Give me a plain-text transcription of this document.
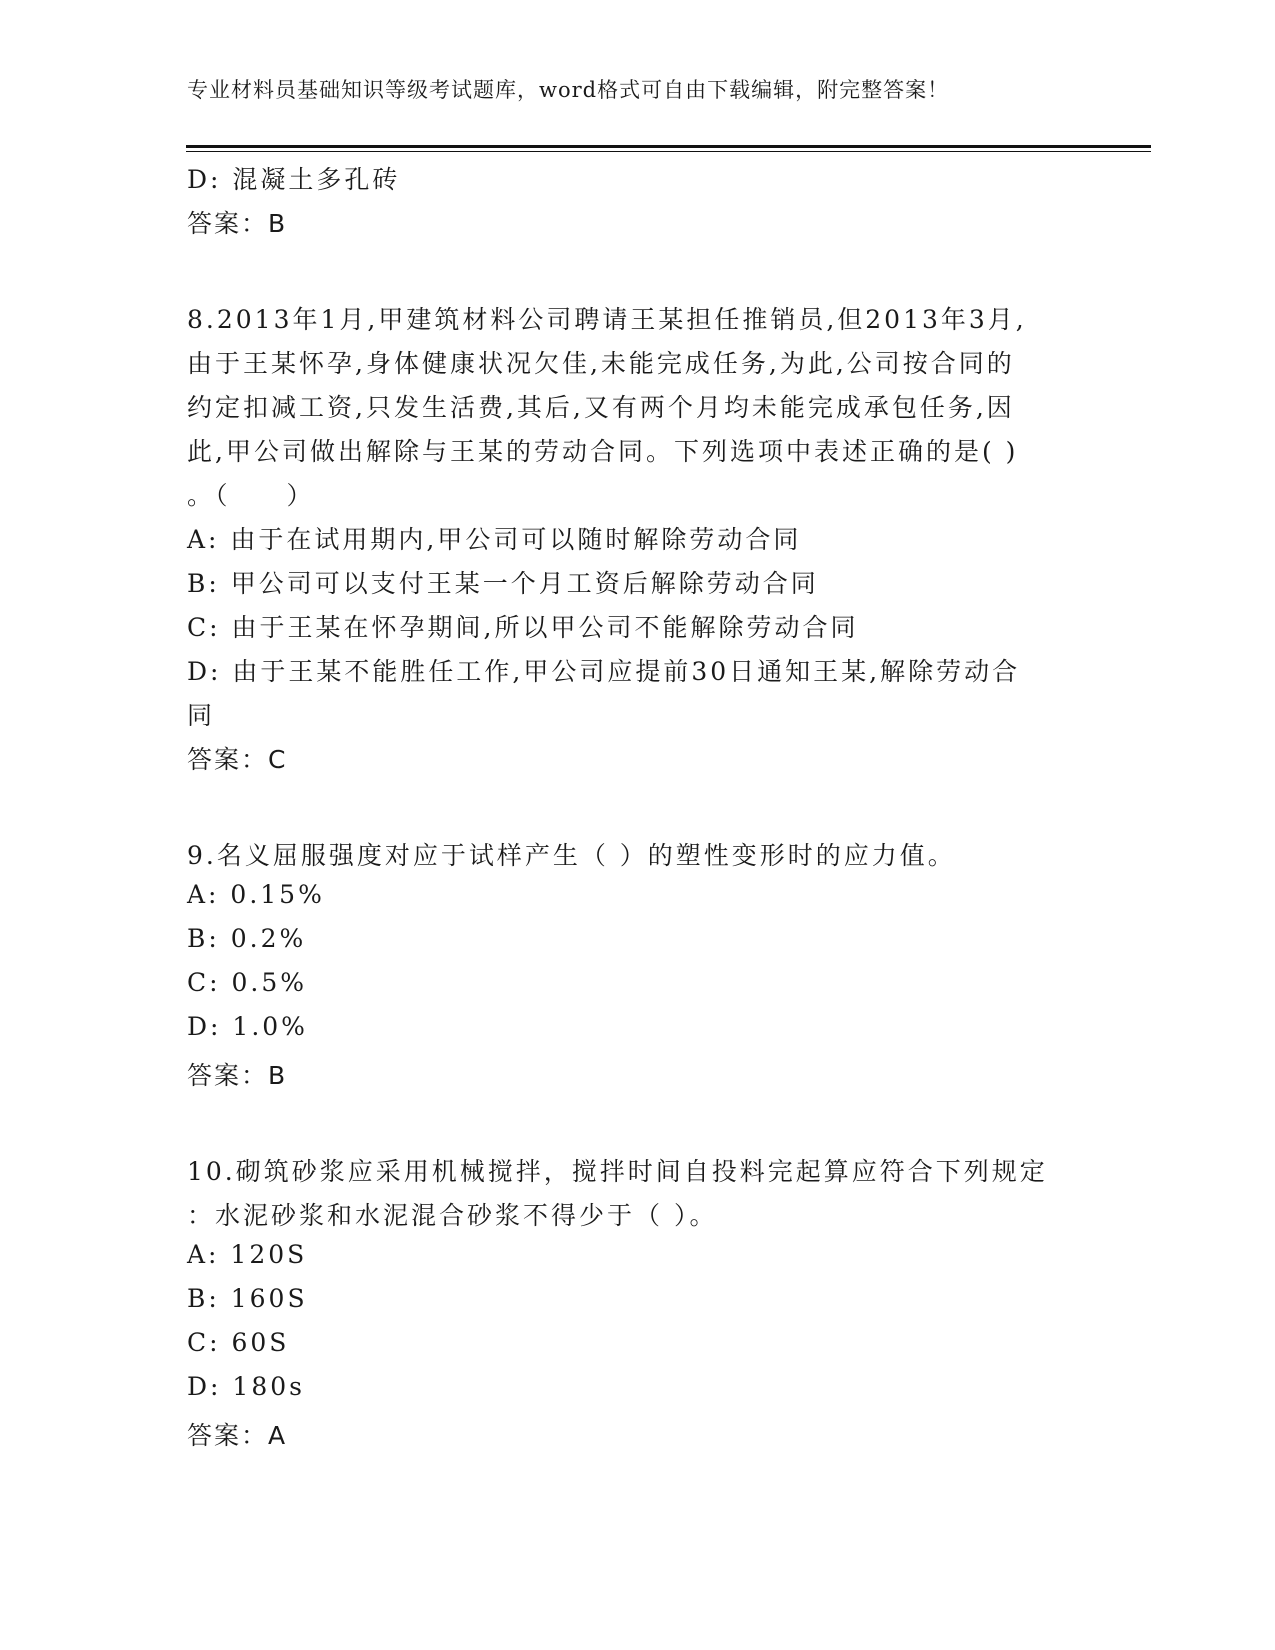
专业材料员基础知识等级考试题库，word格式可自由下载编辑，附完整答案！
D: 混凝土多孔砖
答案：B
8.2013年1月,甲建筑材料公司聘请王某担任推销员,但2013年3月,
由于王某怀孕,身体健康状况欠佳,未能完成任务,为此,公司按合同的
约定扣减工资,只发生活费,其后,又有两个月均未能完成承包任务,因
此,甲公司做出解除与王某的劳动合同。下列选项中表述正确的是( )
。（　　）
A: 由于在试用期内,甲公司可以随时解除劳动合同
B: 甲公司可以支付王某一个月工资后解除劳动合同
C: 由于王某在怀孕期间,所以甲公司不能解除劳动合同
D: 由于王某不能胜任工作,甲公司应提前30日通知王某,解除劳动合
同
答案：C
9.名义屈服强度对应于试样产生（ ）的塑性变形时的应力值。
A: 0.15%
B: 0.2%
C: 0.5%
D: 1.0%
答案：B
10.砌筑砂浆应采用机械搅拌，搅拌时间自投料完起算应符合下列规定
：水泥砂浆和水泥混合砂浆不得少于（ ）。
A: 120S
B: 160S
C: 60S
D: 180s
答案：A
